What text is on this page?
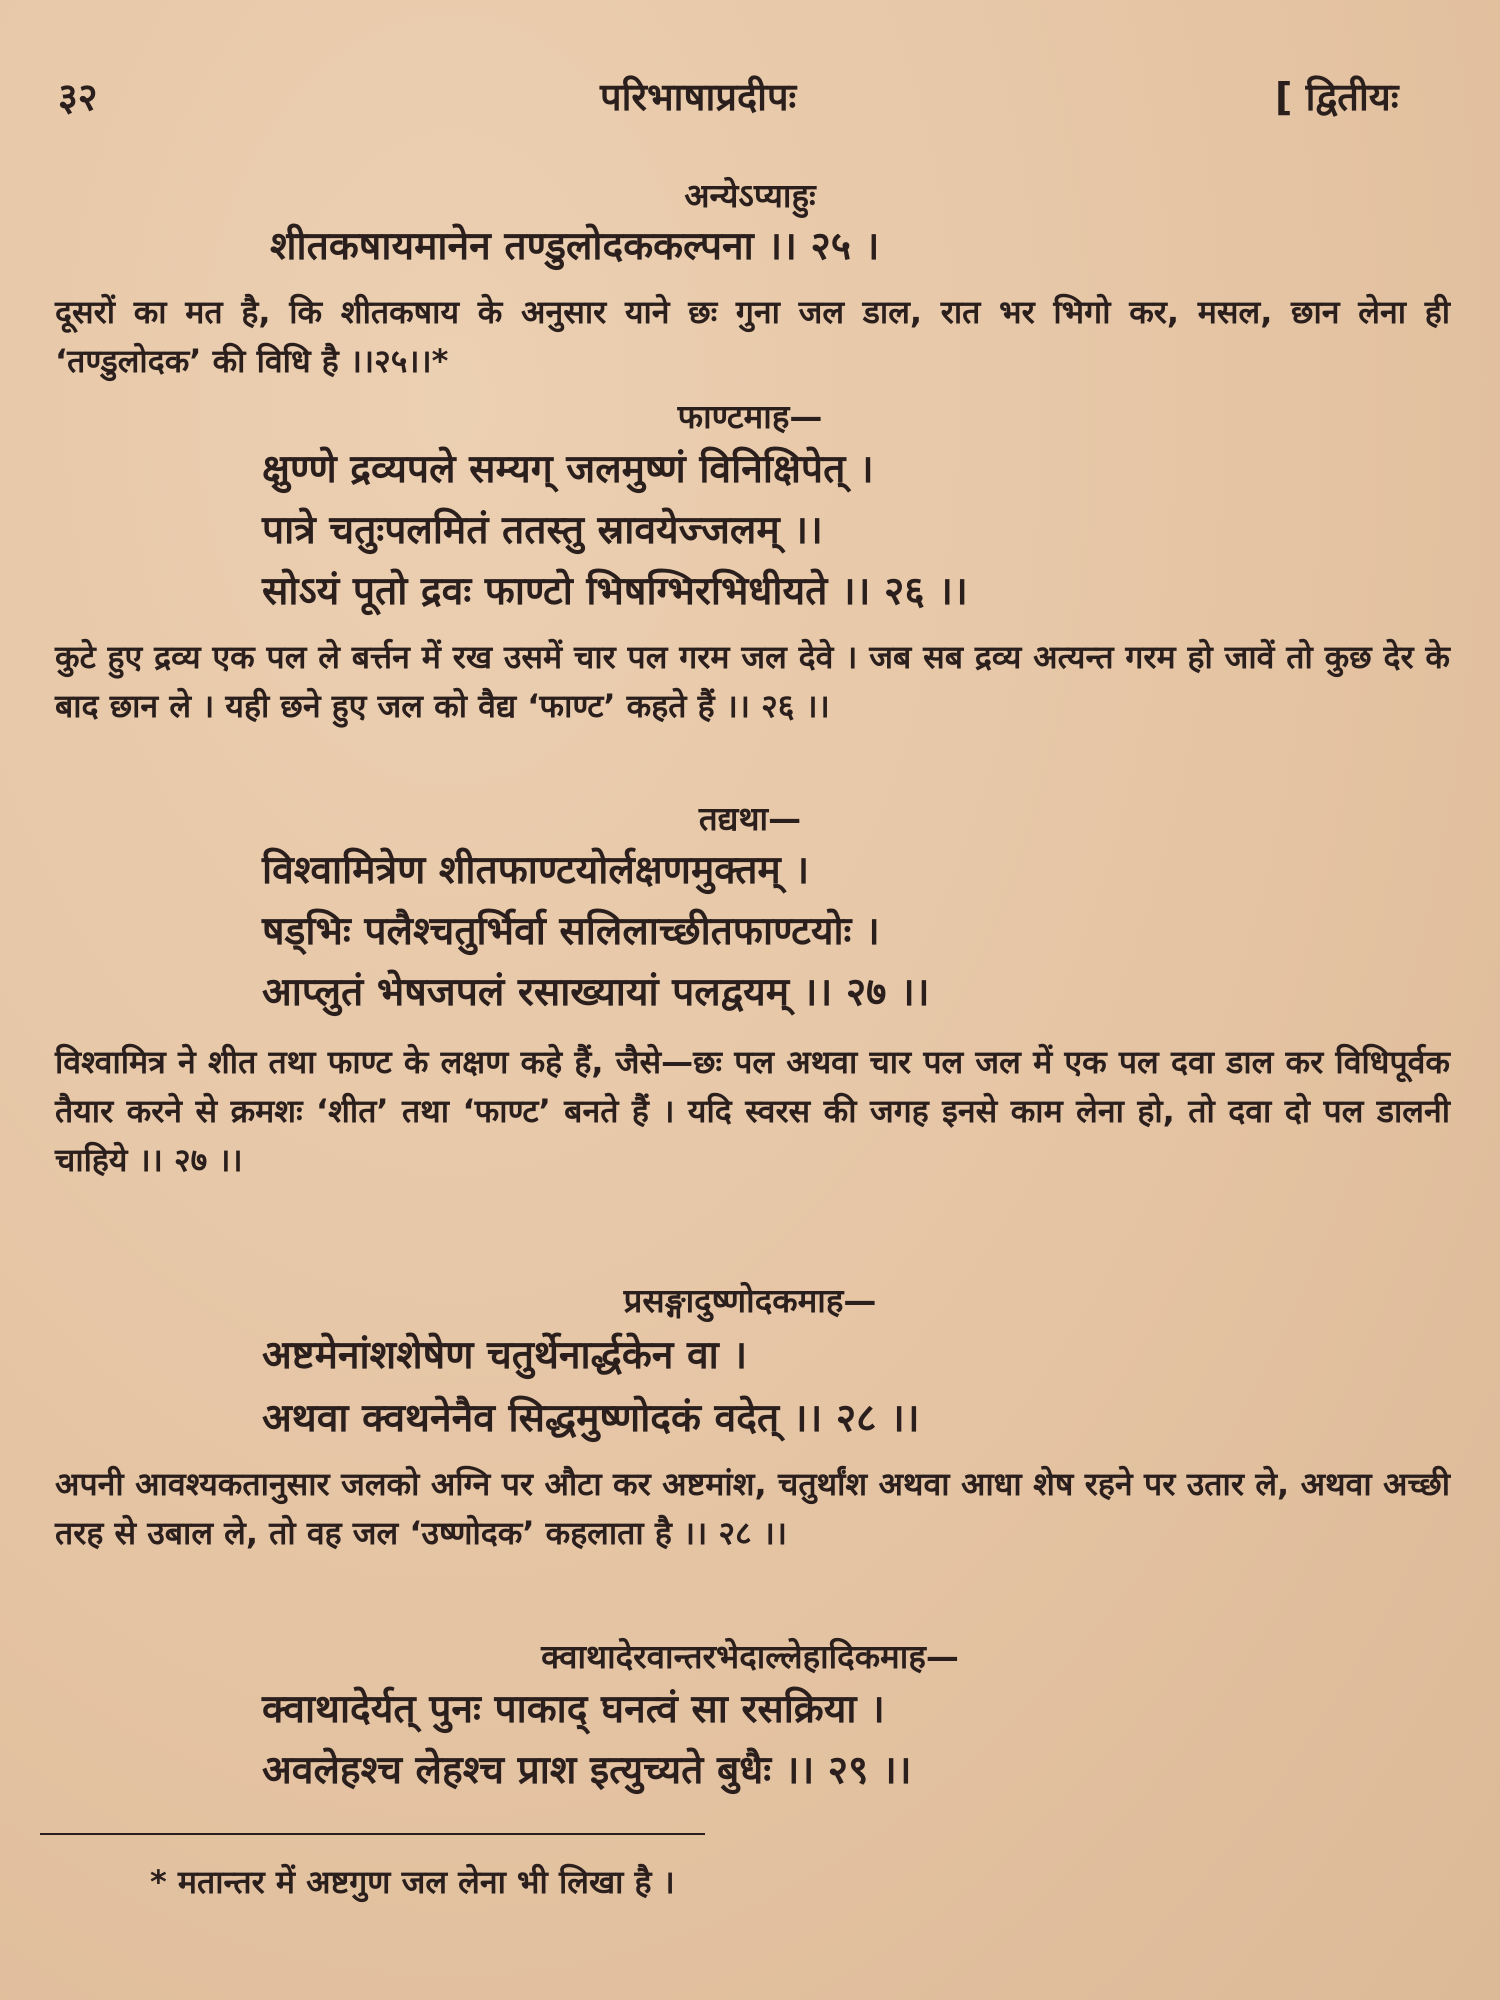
३२	परिभाषाप्रदीपः	[ द्वितीयः
अन्येऽप्याहुः
शीतकषायमानेन तण्डुलोदककल्पना ।। २५ ।
दूसरों का मत है, कि शीतकषाय के अनुसार याने छः गुना जल डाल, रात भर भिगो कर, मसल, छान लेना ही ‘तण्डुलोदक’ की विधि है ।।२५।।*
फाण्टमाह—
क्षुण्णे द्रव्यपले सम्यग् जलमुष्णं विनिक्षिपेत् ।
पात्रे चतुःपलमितं ततस्तु स्रावयेज्जलम् ।।
सोऽयं पूतो द्रवः फाण्टो भिषग्भिरभिधीयते ।। २६ ।।
कुटे हुए द्रव्य एक पल ले बर्त्तन में रख उसमें चार पल गरम जल देवे । जब सब द्रव्य अत्यन्त गरम हो जावें तो कुछ देर के बाद छान ले । यही छने हुए जल को वैद्य ‘फाण्ट’ कहते हैं ।। २६ ।।
तद्यथा—
विश्वामित्रेण शीतफाण्टयोर्लक्षणमुक्तम् ।
षड्भिः पलैश्चतुर्भिर्वा सलिलाच्छीतफाण्टयोः ।
आप्लुतं भेषजपलं रसाख्यायां पलद्वयम् ।। २७ ।।
विश्वामित्र ने शीत तथा फाण्ट के लक्षण कहे हैं, जैसे—छः पल अथवा चार पल जल में एक पल दवा डाल कर विधिपूर्वक तैयार करने से क्रमशः ‘शीत’ तथा ‘फाण्ट’ बनते हैं । यदि स्वरस की जगह इनसे काम लेना हो, तो दवा दो पल डालनी चाहिये ।। २७ ।।
प्रसङ्गादुष्णोदकमाह—
अष्टमेनांशशेषेण चतुर्थेनार्द्धकेन वा ।
अथवा क्वथनेनैव सिद्धमुष्णोदकं वदेत् ।। २८ ।।
अपनी आवश्यकतानुसार जलको अग्नि पर औटा कर अष्टमांश, चतुर्थांश अथवा आधा शेष रहने पर उतार ले, अथवा अच्छी तरह से उबाल ले, तो वह जल ‘उष्णोदक’ कहलाता है ।। २८ ।।
क्वाथादेरवान्तरभेदाल्लेहादिकमाह—
क्वाथादेर्यत् पुनः पाकाद् घनत्वं सा रसक्रिया ।
अवलेहश्च लेहश्च प्राश इत्युच्यते बुधैः ।। २९ ।।
* मतान्तर में अष्टगुण जल लेना भी लिखा है ।
